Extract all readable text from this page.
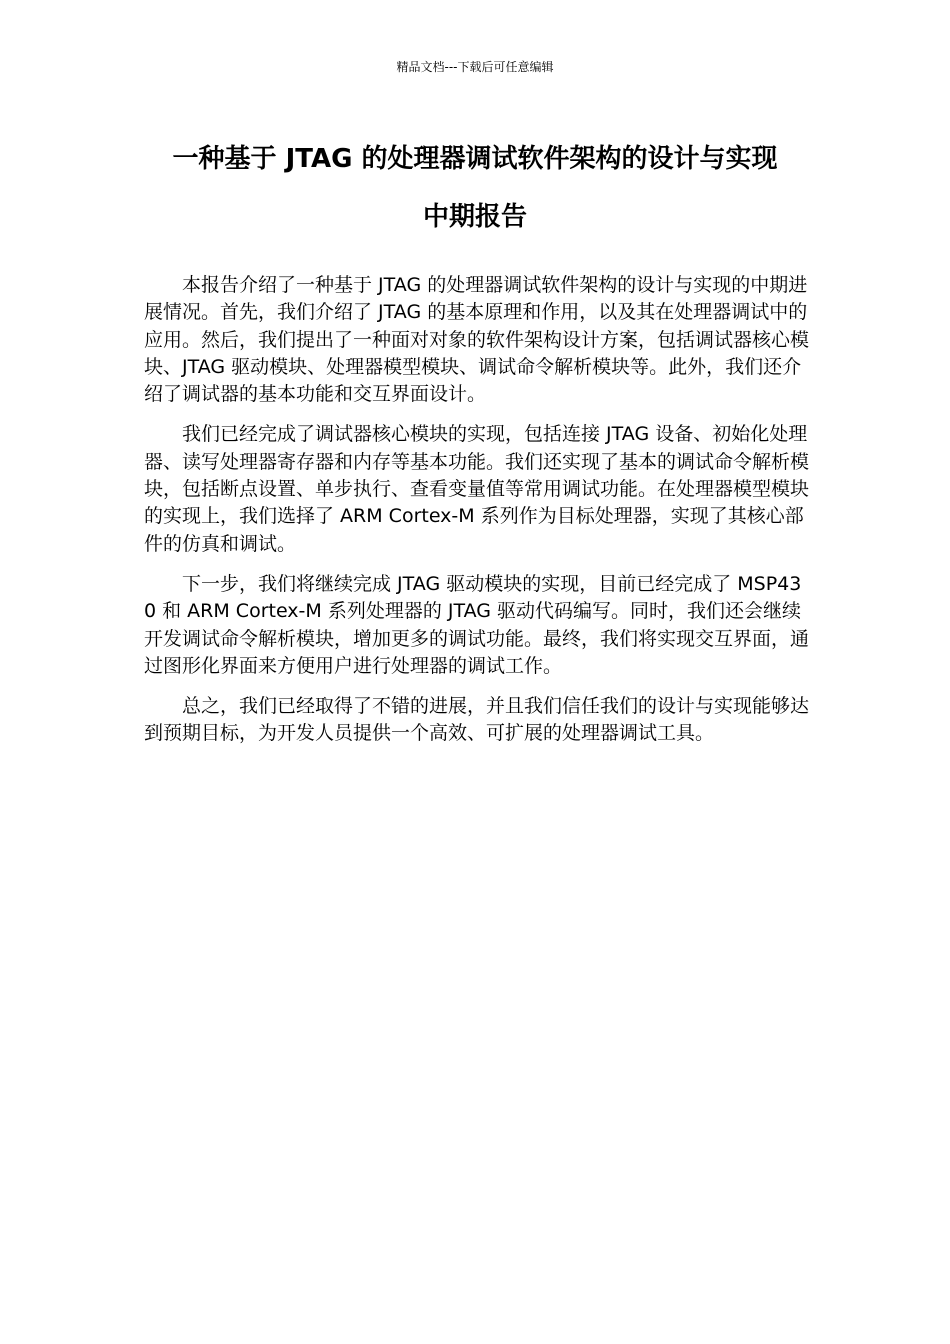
精品文档---下载后可任意编辑
一种基于 JTAG 的处理器调试软件架构的设计与实现
中期报告

本报告介绍了一种基于 JTAG 的处理器调试软件架构的设计与实现的中期进展情况。首先，我们介绍了 JTAG 的基本原理和作用，以及其在处理器调试中的应用。然后，我们提出了一种面对对象的软件架构设计方案，包括调试器核心模块、JTAG 驱动模块、处理器模型模块、调试命令解析模块等。此外，我们还介绍了调试器的基本功能和交互界面设计。

我们已经完成了调试器核心模块的实现，包括连接 JTAG 设备、初始化处理器、读写处理器寄存器和内存等基本功能。我们还实现了基本的调试命令解析模块，包括断点设置、单步执行、查看变量值等常用调试功能。在处理器模型模块的实现上，我们选择了 ARM Cortex-M 系列作为目标处理器，实现了其核心部件的仿真和调试。

下一步，我们将继续完成 JTAG 驱动模块的实现，目前已经完成了 MSP430 和 ARM Cortex-M 系列处理器的 JTAG 驱动代码编写。同时，我们还会继续开发调试命令解析模块，增加更多的调试功能。最终，我们将实现交互界面，通过图形化界面来方便用户进行处理器的调试工作。

总之，我们已经取得了不错的进展，并且我们信任我们的设计与实现能够达到预期目标，为开发人员提供一个高效、可扩展的处理器调试工具。
